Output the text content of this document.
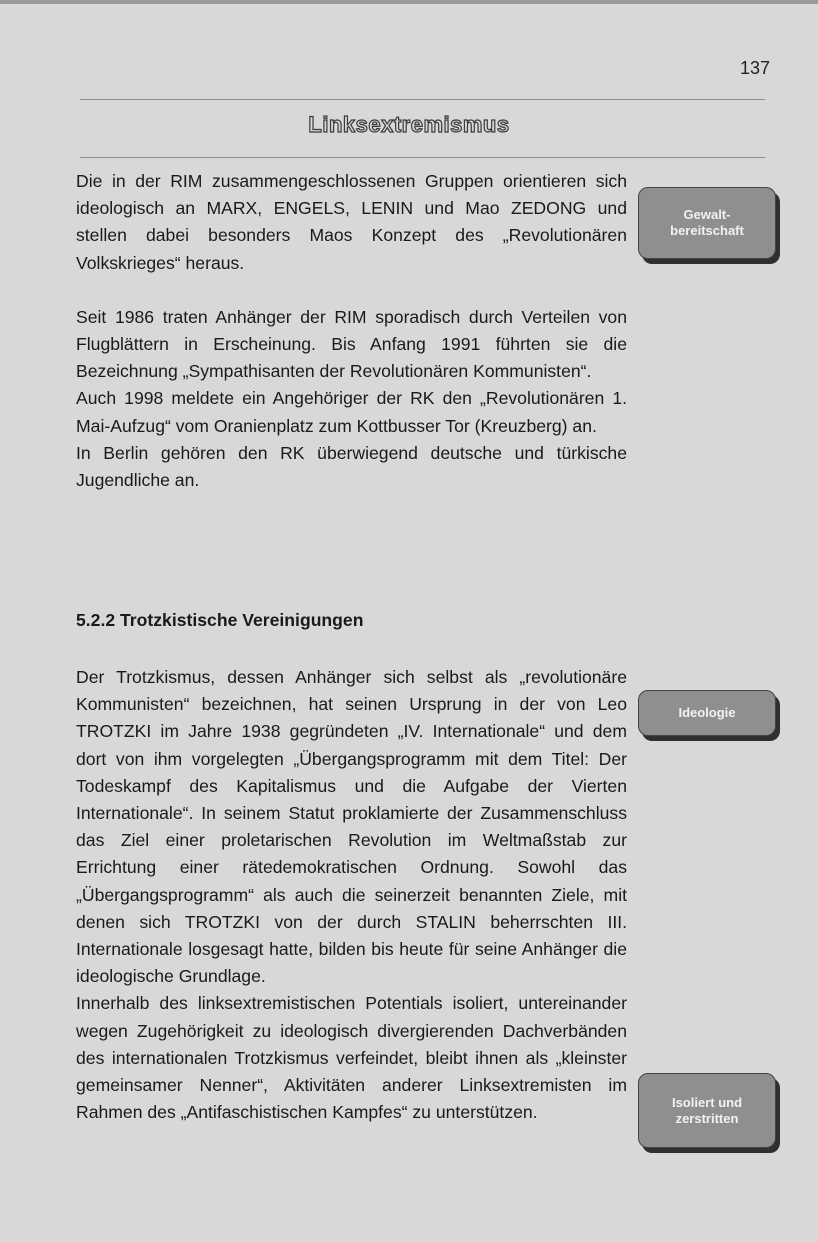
137
Linksextremismus

Die in der RIM zusammengeschlossenen Gruppen orientieren sich ideologisch an MARX, ENGELS, LENIN und Mao ZEDONG und stellen dabei besonders Maos Konzept des „Revolutionären Volkskrieges“ heraus.

Seit 1986 traten Anhänger der RIM sporadisch durch Verteilen von Flugblättern in Erscheinung. Bis Anfang 1991 führten sie die Bezeichnung „Sympathisanten der Revolutionären Kommunisten“.

Auch 1998 meldete ein Angehöriger der RK den „Revolutionären 1. Mai-Aufzug“ vom Oranienplatz zum Kottbusser Tor (Kreuzberg) an.

In Berlin gehören den RK überwiegend deutsche und türkische Jugendliche an.

5.2.2 Trotzkistische Vereinigungen

Der Trotzkismus, dessen Anhänger sich selbst als „revolutionäre Kommunisten“ bezeichnen, hat seinen Ursprung in der von Leo TROTZKI im Jahre 1938 gegründeten „IV. Internationale“ und dem dort von ihm vorgelegten „Übergangsprogramm mit dem Titel: Der Todeskampf des Kapitalismus und die Aufgabe der Vierten Internationale“. In seinem Statut proklamierte der Zusammenschluss das Ziel einer proletarischen Revolution im Weltmaßstab zur Errichtung einer rätedemokratischen Ordnung. Sowohl das „Übergangsprogramm“ als auch die seinerzeit benannten Ziele, mit denen sich TROTZKI von der durch STALIN beherrschten III. Internationale losgesagt hatte, bilden bis heute für seine Anhänger die ideologische Grundlage.

Innerhalb des linksextremistischen Potentials isoliert, untereinander wegen Zugehörigkeit zu ideologisch divergierenden Dachverbänden des internationalen Trotzkismus verfeindet, bleibt ihnen als „kleinster gemeinsamer Nenner“, Aktivitäten anderer Linksextremisten im Rahmen des „Antifaschistischen Kampfes“ zu unterstützen.

Gewalt-bereitschaft
Ideologie
Isoliert und zerstritten
